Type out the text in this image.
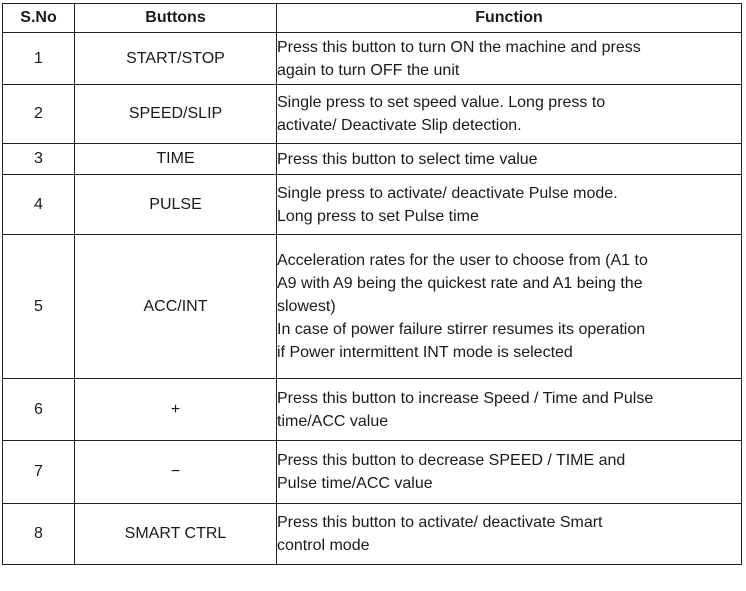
S.No	Buttons	Function
1	START/STOP	Press this button to turn ON the machine and press
again to turn OFF the unit

2	SPEED/SLIP	Single press to set speed value. Long press to
activate/ Deactivate Slip detection.

3	TIME	Press this button to select time value

4	PULSE	Single press to activate/ deactivate Pulse mode.
Long press to set Pulse time

5	ACC/INT	Acceleration rates for the user to choose from (A1 to
A9 with A9 being the quickest rate and A1 being the
slowest)
In case of power failure stirrer resumes its operation
if Power intermittent INT mode is selected

6	+	Press this button to increase Speed / Time and Pulse
time/ACC value

7	−	Press this button to decrease SPEED / TIME and
Pulse time/ACC value

8	SMART CTRL	Press this button to activate/ deactivate Smart
control mode
